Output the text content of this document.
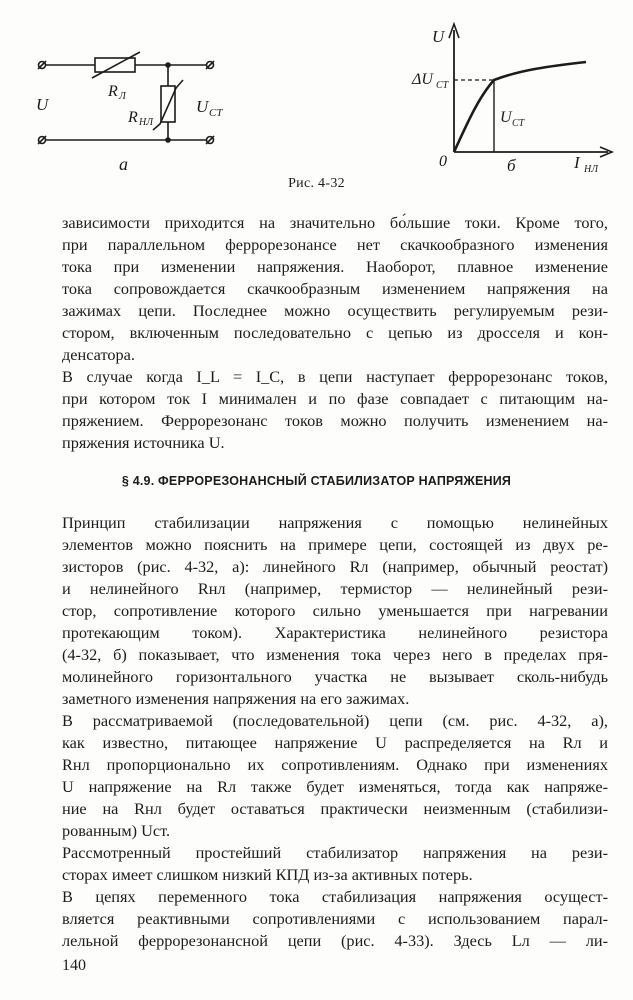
U
R Л
R НЛ
U СТ
a
U
I НЛ
0
ΔU СТ
U СТ
б
Рис. 4-32
зависимости приходится на значительно бо́льшие токи. Кроме того,
при параллельном феррорезонансе нет скачкообразного изменения
тока при изменении напряжения. Наоборот, плавное изменение
тока сопровождается скачкообразным изменением напряжения на
зажимах цепи. Последнее можно осуществить регулируемым рези-
стором, включенным последовательно с цепью из дросселя и кон-
денсатора.
В случае когда I_L = I_C, в цепи наступает феррорезонанс токов,
при котором ток I минимален и по фазе совпадает с питающим на-
пряжением. Феррорезонанс токов можно получить изменением на-
пряжения источника U.
§ 4.9. ФЕРРОРЕЗОНАНСНЫЙ СТАБИЛИЗАТОР НАПРЯЖЕНИЯ
Принцип стабилизации напряжения с помощью нелинейных
элементов можно пояснить на примере цепи, состоящей из двух ре-
зисторов (рис. 4-32, а): линейного Rл (например, обычный реостат)
и нелинейного Rнл (например, термистор — нелинейный рези-
стор, сопротивление которого сильно уменьшается при нагревании
протекающим током). Характеристика нелинейного резистора
(4-32, б) показывает, что изменения тока через него в пределах пря-
молинейного горизонтального участка не вызывает сколь-нибудь
заметного изменения напряжения на его зажимах.
В рассматриваемой (последовательной) цепи (см. рис. 4-32, а),
как известно, питающее напряжение U распределяется на Rл и
Rнл пропорционально их сопротивлениям. Однако при изменениях
U напряжение на Rл также будет изменяться, тогда как напряже-
ние на Rнл будет оставаться практически неизменным (стабилизи-
рованным) Uст.
Рассмотренный простейший стабилизатор напряжения на рези-
сторах имеет слишком низкий КПД из-за активных потерь.
В цепях переменного тока стабилизация напряжения осущест-
вляется реактивными сопротивлениями с использованием парал-
лельной феррорезонансной цепи (рис. 4-33). Здесь Lл — ли-
140
